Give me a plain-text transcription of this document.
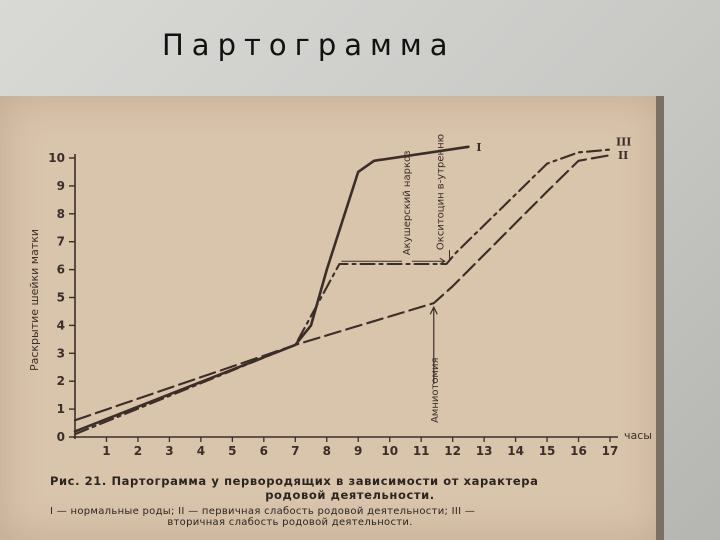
Партограмма
0
1
2
3
4
5
6
7
8
9
10
1 2 3 4 5 6 7 8 9 10 11 12 13 14 15 16 17
I
II
III
Раскрытие шейки матки
часы
Акушерский наркоз Окситоцин в-утренню
Амниотомия
Рис. 21. Партограмма у первородящих в зависимости от характера
родовой деятельности.
I — нормальные роды; II — первичная слабость родовой деятельности; III —
вторичная слабость родовой деятельности.
